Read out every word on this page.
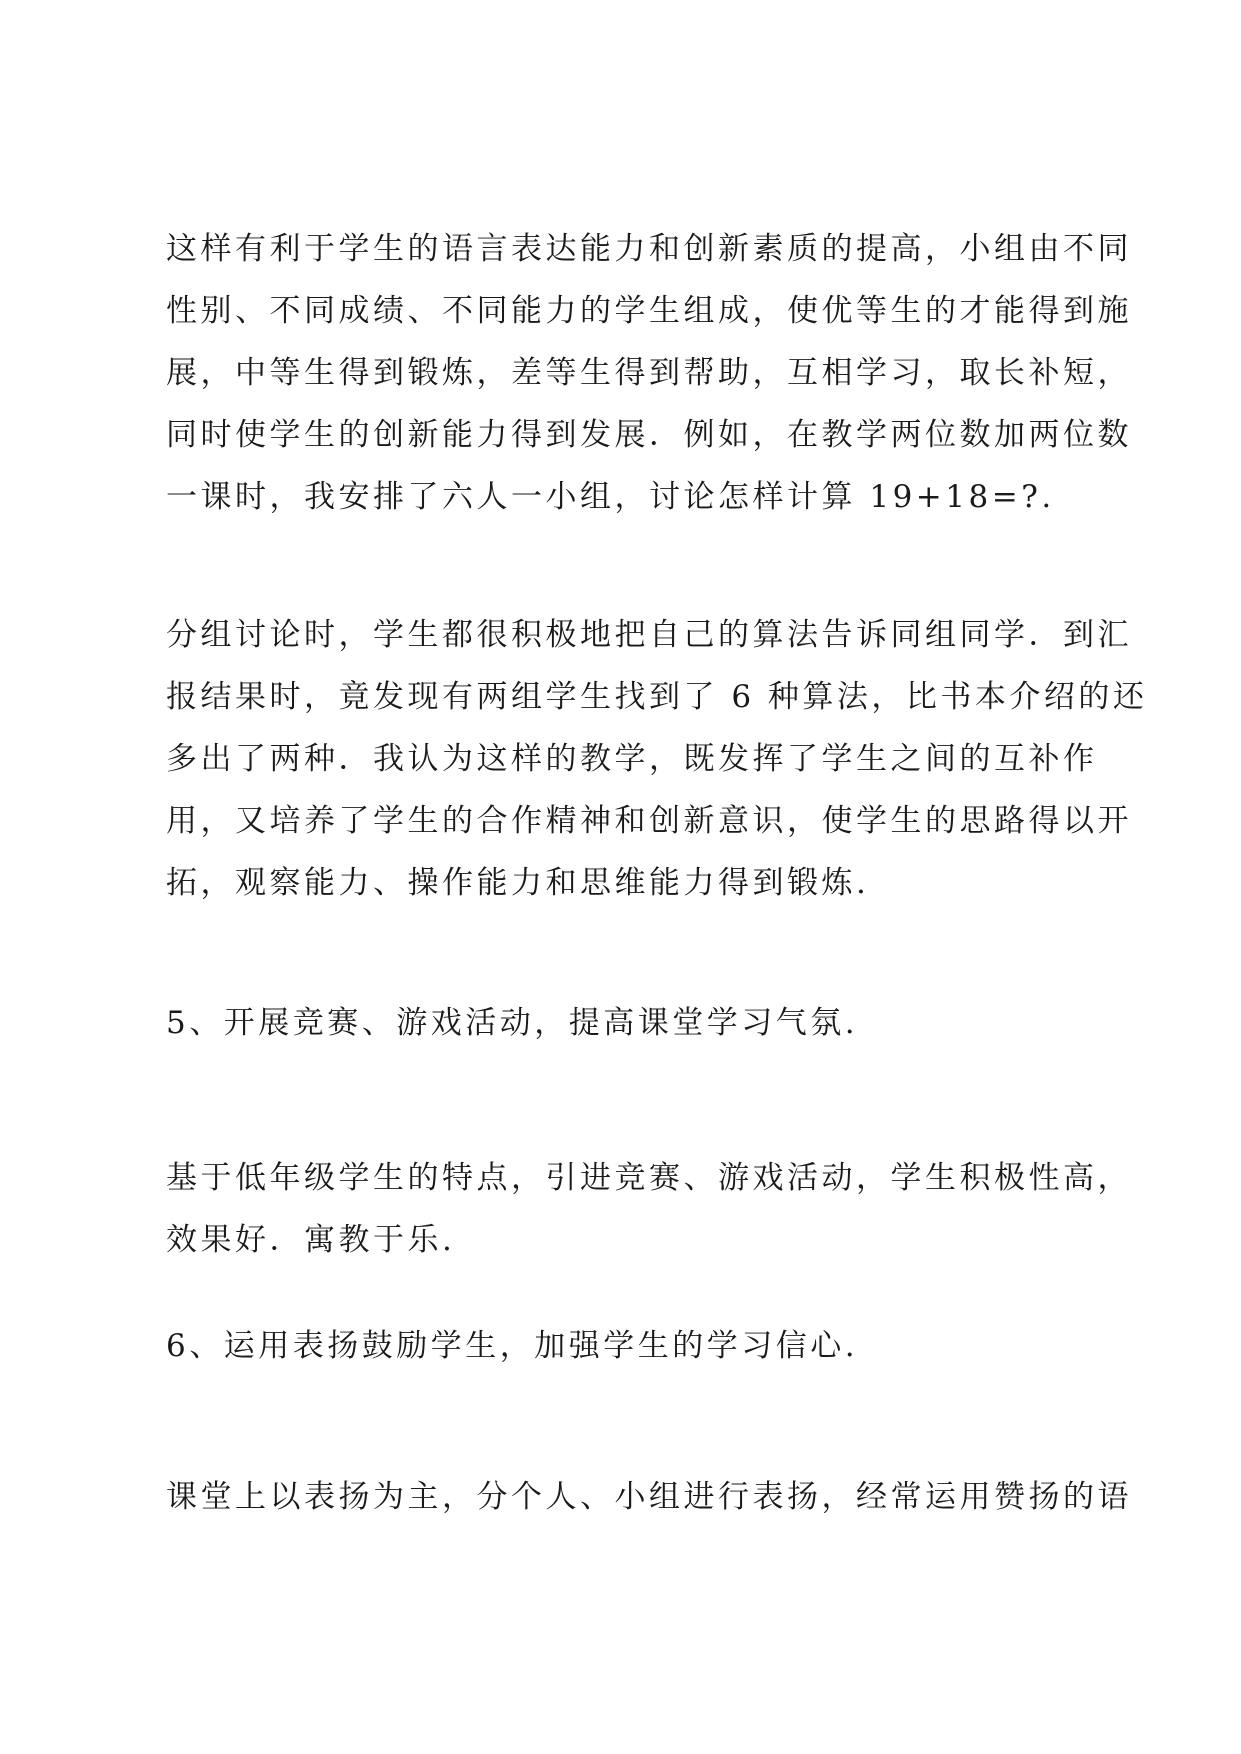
这样有利于学生的语言表达能力和创新素质的提高，小组由不同
性别、不同成绩、不同能力的学生组成，使优等生的才能得到施
展，中等生得到锻炼，差等生得到帮助，互相学习，取长补短，
同时使学生的创新能力得到发展．例如，在教学两位数加两位数
一课时，我安排了六人一小组，讨论怎样计算 19+18=?.

分组讨论时，学生都很积极地把自己的算法告诉同组同学．到汇
报结果时，竟发现有两组学生找到了 6 种算法，比书本介绍的还
多出了两种．我认为这样的教学，既发挥了学生之间的互补作
用，又培养了学生的合作精神和创新意识，使学生的思路得以开
拓，观察能力、操作能力和思维能力得到锻炼.

5、开展竞赛、游戏活动，提高课堂学习气氛.

基于低年级学生的特点，引进竞赛、游戏活动，学生积极性高，
效果好．寓教于乐.

6、运用表扬鼓励学生，加强学生的学习信心.

课堂上以表扬为主，分个人、小组进行表扬，经常运用赞扬的语
